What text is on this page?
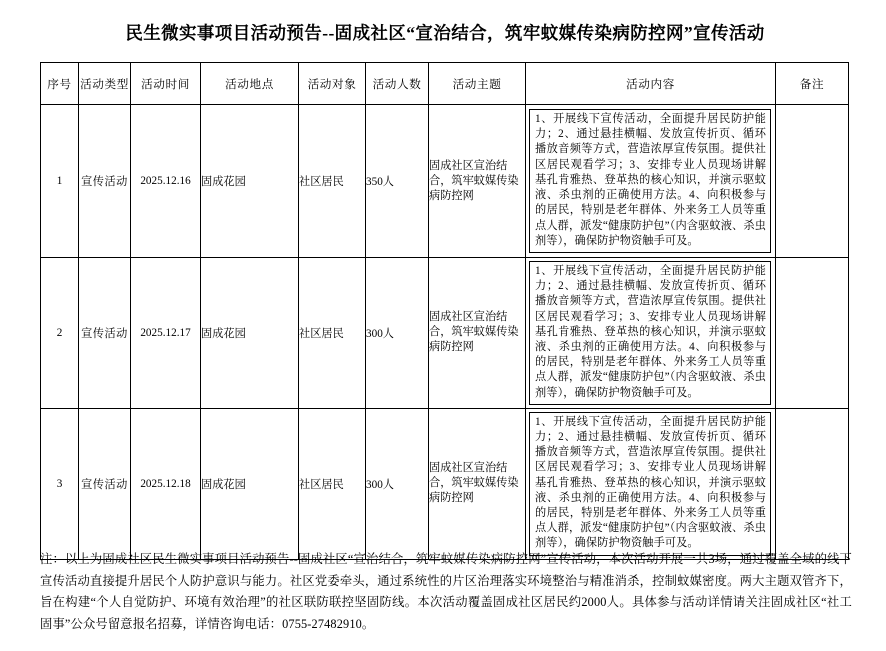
民生微实事项目活动预告--固成社区“宣治结合，筑牢蚊媒传染病防控网”宣传活动
序号	活动类型	活动时间	活动地点	活动对象	活动人数	活动主题	活动内容	备注
1	宣传活动	2025.12.16	固成花园	社区居民	350人	固成社区宣治结合，筑牢蚊媒传染病防控网	1、开展线下宣传活动，全面提升居民防护能力；2、通过悬挂横幅、发放宣传折页、循环播放音频等方式，营造浓厚宣传氛围。提供社区居民观看学习；3、安排专业人员现场讲解基孔肯雅热、登革热的核心知识，并演示驱蚊液、杀虫剂的正确使用方法。4、向积极参与的居民，特别是老年群体、外来务工人员等重点人群，派发“健康防护包”（内含驱蚊液、杀虫剂等），确保防护物资触手可及。	

2	宣传活动	2025.12.17	固成花园	社区居民	300人	固成社区宣治结合，筑牢蚊媒传染病防控网	1、开展线下宣传活动，全面提升居民防护能力；2、通过悬挂横幅、发放宣传折页、循环播放音频等方式，营造浓厚宣传氛围。提供社区居民观看学习；3、安排专业人员现场讲解基孔肯雅热、登革热的核心知识，并演示驱蚊液、杀虫剂的正确使用方法。4、向积极参与的居民，特别是老年群体、外来务工人员等重点人群，派发“健康防护包”（内含驱蚊液、杀虫剂等），确保防护物资触手可及。	

3	宣传活动	2025.12.18	固成花园	社区居民	300人	固成社区宣治结合，筑牢蚊媒传染病防控网	1、开展线下宣传活动，全面提升居民防护能力；2、通过悬挂横幅、发放宣传折页、循环播放音频等方式，营造浓厚宣传氛围。提供社区居民观看学习；3、安排专业人员现场讲解基孔肯雅热、登革热的核心知识，并演示驱蚊液、杀虫剂的正确使用方法。4、向积极参与的居民，特别是老年群体、外来务工人员等重点人群，派发“健康防护包”（内含驱蚊液、杀虫剂等），确保防护物资触手可及。	

注：以上为固成社区民生微实事项目活动预告--固成社区“宣治结合，筑牢蚊媒传染病防控网”宣传活动，本次活动开展一共3场，通过覆盖全域的线下宣传活动直接提升居民个人防护意识与能力。社区党委牵头，通过系统性的片区治理落实环境整治与精准消杀，控制蚊媒密度。两大主题双管齐下，旨在构建“个人自觉防护、环境有效治理”的社区联防联控坚固防线。本次活动覆盖固成社区居民约2000人。具体参与活动详情请关注固成社区“社工固事”公众号留意报名招募，详情咨询电话：0755-27482910。
